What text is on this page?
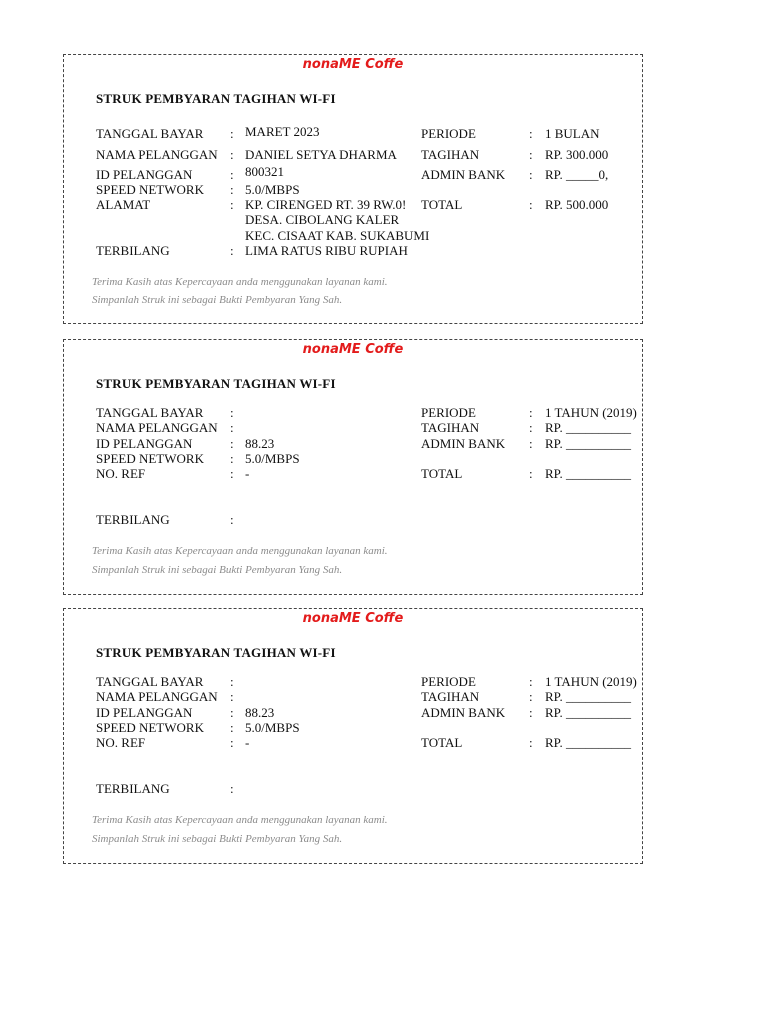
nonaME Coffe
STRUK PEMBYARAN TAGIHAN WI-FI
TANGGAL BAYAR : MARET 2023
NAMA PELANGGAN : DANIEL SETYA DHARMA
ID PELANGGAN	: 800321
SPEED NETWORK : 5.0/MBPS
ALAMAT	: KP. CIRENGED RT. 39 RW.0!
DESA. CIBOLANG KALER
KEC. CISAAT KAB. SUKABUMI
TERBILANG	: LIMA RATUS RIBU RUPIAH
PERIODE	: 1 BULAN
TAGIHAN	: RP. 300.000
ADMIN BANK : RP. _____0,
TOTAL	: RP. 500.000
Terima Kasih atas Kepercayaan anda menggunakan layanan kami.
Simpanlah Struk ini sebagai Bukti Pembyaran Yang Sah.
nonaME Coffe
STRUK PEMBYARAN TAGIHAN WI-FI
TANGGAL BAYAR :
NAMA PELANGGAN :
ID PELANGGAN	: 88.23
SPEED NETWORK : 5.0/MBPS
NO. REF	: -
TERBILANG	:
PERIODE	: 1 TAHUN (2019)
TAGIHAN	: RP. __________
ADMIN BANK : RP. __________
TOTAL	: RP. __________
Terima Kasih atas Kepercayaan anda menggunakan layanan kami.
Simpanlah Struk ini sebagai Bukti Pembyaran Yang Sah.
nonaME Coffe
STRUK PEMBYARAN TAGIHAN WI-FI
TANGGAL BAYAR :
NAMA PELANGGAN :
ID PELANGGAN	: 88.23
SPEED NETWORK : 5.0/MBPS
NO. REF	: -
TERBILANG	:
PERIODE	: 1 TAHUN (2019)
TAGIHAN	: RP. __________
ADMIN BANK : RP. __________
TOTAL	: RP. __________
Terima Kasih atas Kepercayaan anda menggunakan layanan kami.
Simpanlah Struk ini sebagai Bukti Pembyaran Yang Sah.
